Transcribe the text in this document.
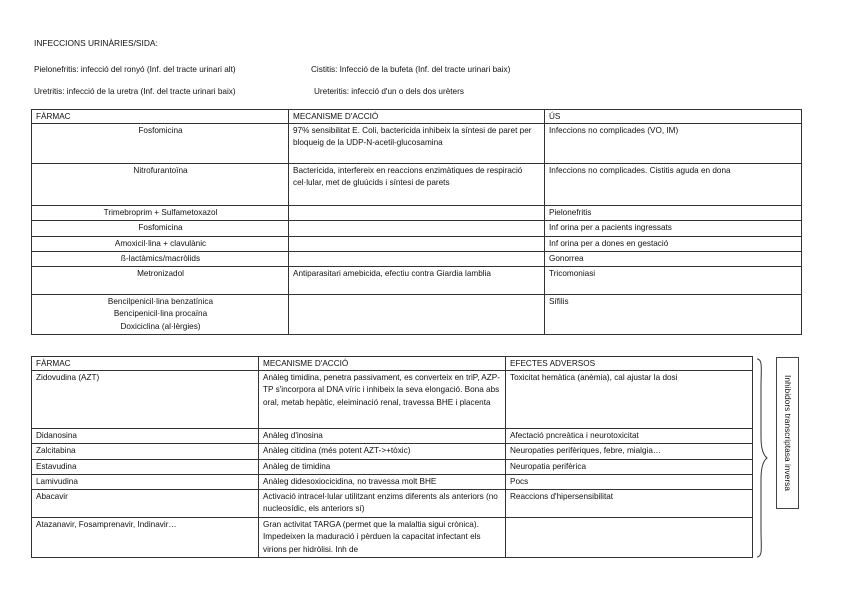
INFECCIONS URINÀRIES/SIDA:
Pielonefritis: infecció del ronyó (Inf. del tracte urinari alt)	Cistitis: Infecció de la bufeta (Inf. del tracte urinari baix)
Uretritis: infecció de la uretra (Inf. del tracte urinari baix)	Ureteritis: infecció d'un o dels dos urèters
FÀRMAC	MECANISME D'ACCIÓ	ÚS
Fosfomicina	97% sensibilitat E. Coli, bactericida inhibeix la síntesi de paret per bloqueig de la UDP-N-acetil-glucosamina	Infeccions no complicades (VO, IM)
Nitrofurantoïna	Bactericida, interfereix en reaccions enzimàtiques de respiració cel·lular, met de gluúcids i síntesi de parets	Infeccions no complicades. Cistitis aguda en dona
Trimebroprim + Sulfametoxazol		Pielonefritis
Fosfomicina		Inf orina per a pacients ingressats
Amoxicil·lina + clavulànic		Inf orina per a dones en gestació
ß-lactàmics/macròlids		Gonorrea
Metronizadol	Antiparasitari amebicida, efectiu contra Giardia lamblia	Tricomoniasi

Bencilpenicil·lina benzatínica
Bencipenicil·lina procaïna
Doxiciclina (al·lèrgies)		Sífilis
FÀRMAC	MECANISME D'ACCIÓ	EFECTES ADVERSOS
Zidovudina (AZT)	Anàleg timidina, penetra passivament, es converteix en triP, AZP-TP s'incorpora al DNA víric i inhibeix la seva elongació. Bona abs oral, metab hepàtic, eleiminació renal, travessa BHE i placenta	Toxicitat hemàtica (anèmia), cal ajustar la dosi
Didanosina	Anàleg d'inosina	Afectació pncreàtica i neurotoxicitat
Zalcitabina	Anàleg citidina (més potent AZT->+tòxic)	Neuropaties perifèriques, febre, mialgia…
Estavudina	Anàleg de timidina	Neuropatia perifèrica
Lamivudina	Anàleg didesoxiocicidina, no travessa molt BHE	Pocs
Abacavir	Activació intracel·lular utilitzant enzims diferents als anteriors (no nucleosídic, els anteriors sí)	Reaccions d'hipersensibilitat
Atazanavir, Fosamprenavir, Indinavir…	Gran activitat TARGA (permet que la malaltia sigui crònica). Impedeixen la maduració i pèrduen la capacitat infectant els virions per hidròlisi. Inh de	
Inhibidors transcriptasa inversa
